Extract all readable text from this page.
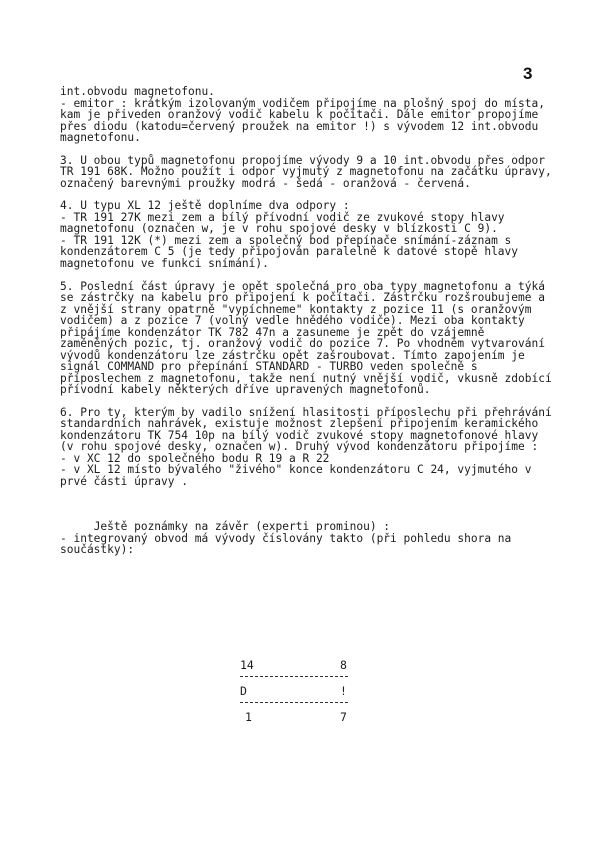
3

int.obvodu magnetofonu.
- emitor : krátkým izolovaným vodičem připojíme na plošný spoj do místa, kam je přiveden oranžový vodič kabelu k počítači. Dále emitor propojíme přes diodu (katodu=červený proužek na emitor !) s vývodem 12 int.obvodu magnetofonu.

3. U obou typů magnetofonu propojíme vývody 9 a 10 int.obvodu přes odpor TR 191 68K. Možno použít i odpor vyjmutý z magnetofonu na začátku úpravy, označený barevnými proužky modrá - šedá - oranžová - červená.

4. U typu XL 12 ještě doplníme dva odpory :
- TR 191 27K mezi zem a bílý přívodní vodič ze zvukové stopy hlavy magnetofonu (označen w, je v rohu spojové desky v blízkosti C 9).
- TR 191 12K (*) mezi zem a společný bod přepínače snímání-záznam s kondenzátorem C 5 (je tedy připojován paralelně k datové stopě hlavy magnetofonu ve funkci snímání).

5. Poslední část úpravy je opět společná pro oba typy magnetofonu a týká se zástrčky na kabelu pro připojení k počítači. Zástrčku rozšroubujeme a z vnější strany opatrně "vypíchneme" kontakty z pozice 11 (s oranžovým vodičem) a z pozice 7 (volný vedle hnědého vodiče). Mezi oba kontakty připájíme kondenzátor TK 782 47n a zasuneme je zpět do vzájemně zaměněných pozic, tj. oranžový vodič do pozice 7. Po vhodném vytvarování vývodů kondenzátoru lze zástrčku opět zašroubovat. Tímto zapojením je signál COMMAND pro přepínání STANDARD - TURBO veden společně s příposlechem z magnetofonu, takže není nutný vnější vodič, vkusně zdobící přívodní kabely některých dříve upravených magnetofonů.

6. Pro ty, kterým by vadilo snížení hlasitosti příposlechu při přehrávání standardních nahrávek, existuje možnost zlepšení připojením keramického kondenzátoru TK 754 10p na bílý vodič zvukové stopy magnetofonové hlavy (v rohu spojové desky, označen w). Druhý vývod kondenzátoru připojíme :
- v XC 12 do společného bodu R 19 a R 22
- v XL 12 místo bývalého "živého" konce kondenzátoru C 24, vyjmutého v prvé části úpravy .

Ještě poznámky na závěr (experti prominou) :
- integrovaný obvod má vývody číslovány takto (při pohledu shora na součástky):

14	8
D	!
1	7
